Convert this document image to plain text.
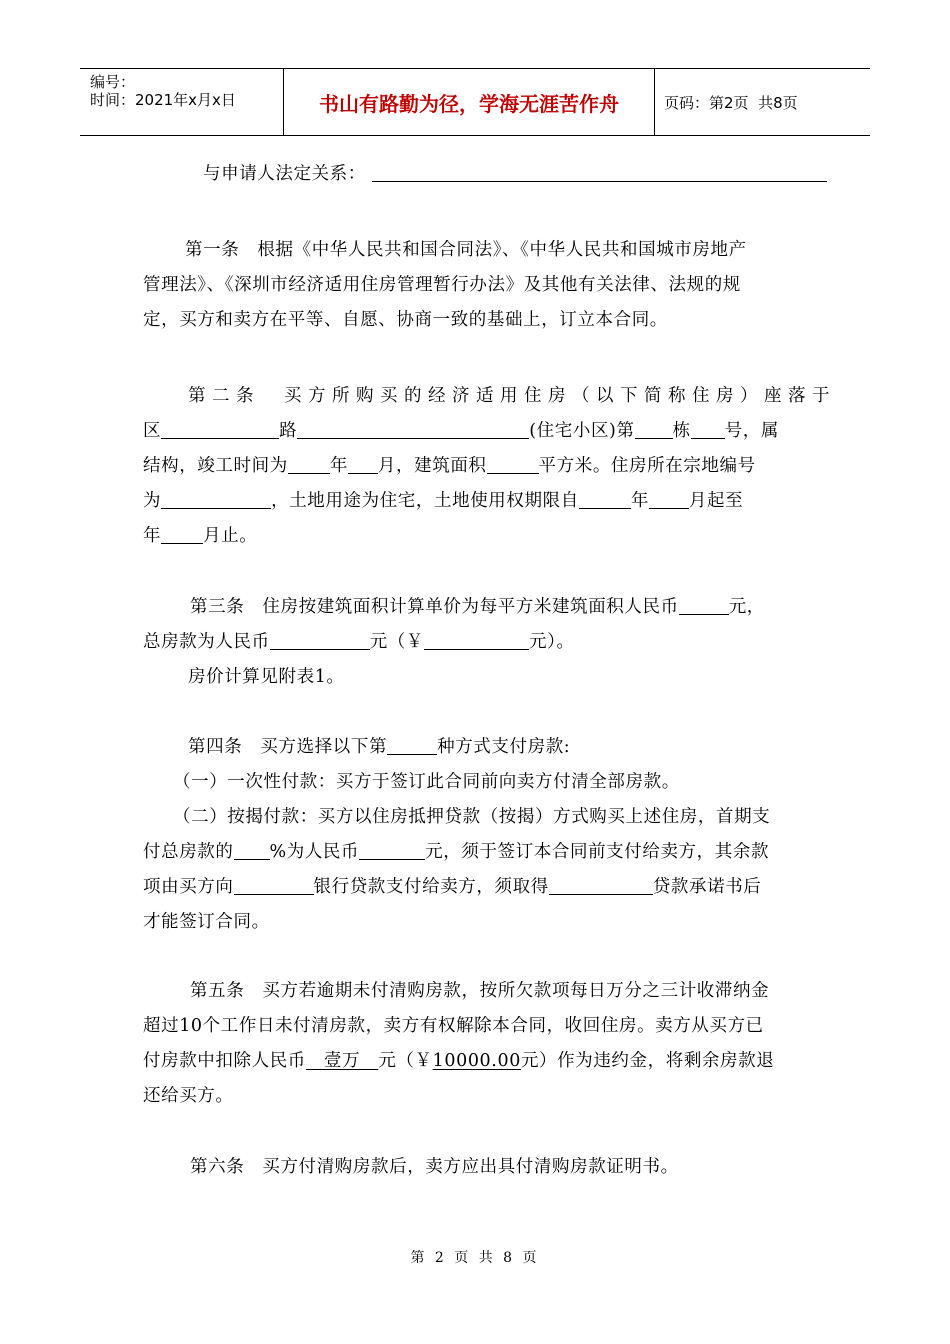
编号：
时间：2021年x月x日	书山有路勤为径，学海无涯苦作舟	页码：第2页  共8页
与申请人法定关系：
第一条　根据《中华人民共和国合同法》、《中华人民共和国城市房地产
管理法》、《深圳市经济适用住房管理暂行办法》及其他有关法律、法规的规
定，买方和卖方在平等、自愿、协商一致的基础上，订立本合同。
第二条　买方所购买的经济适用住房（以下简称住房）座落于
区	路	(住宅小区)第 栋 号，属
结构，竣工时间为 年 月，建筑面积	平方米。住房所在宗地编号
为	，土地用途为住宅，土地使用权期限自	年 月起至
年 月止。
第三条　住房按建筑面积计算单价为每平方米建筑面积人民币	元，
总房款为人民币	元（￥	元）。
房价计算见附表1。
第四条　买方选择以下第	种方式支付房款:
（一）一次性付款：买方于签订此合同前向卖方付清全部房款。
（二）按揭付款：买方以住房抵押贷款（按揭）方式购买上述住房，首期支
付总房款的 %为人民币	元，须于签订本合同前支付给卖方，其余款
项由买方向	银行贷款支付给卖方，须取得	贷款承诺书后
才能签订合同。
第五条　买方若逾期未付清购房款，按所欠款项每日万分之三计收滞纳金
超过10个工作日未付清房款，卖方有权解除本合同，收回住房。卖方从买方已
付房款中扣除人民币　壹万　元（￥10000.00元）作为违约金，将剩余房款退
还给买方。
第六条　买方付清购房款后，卖方应出具付清购房款证明书。
第 2 页 共 8 页
